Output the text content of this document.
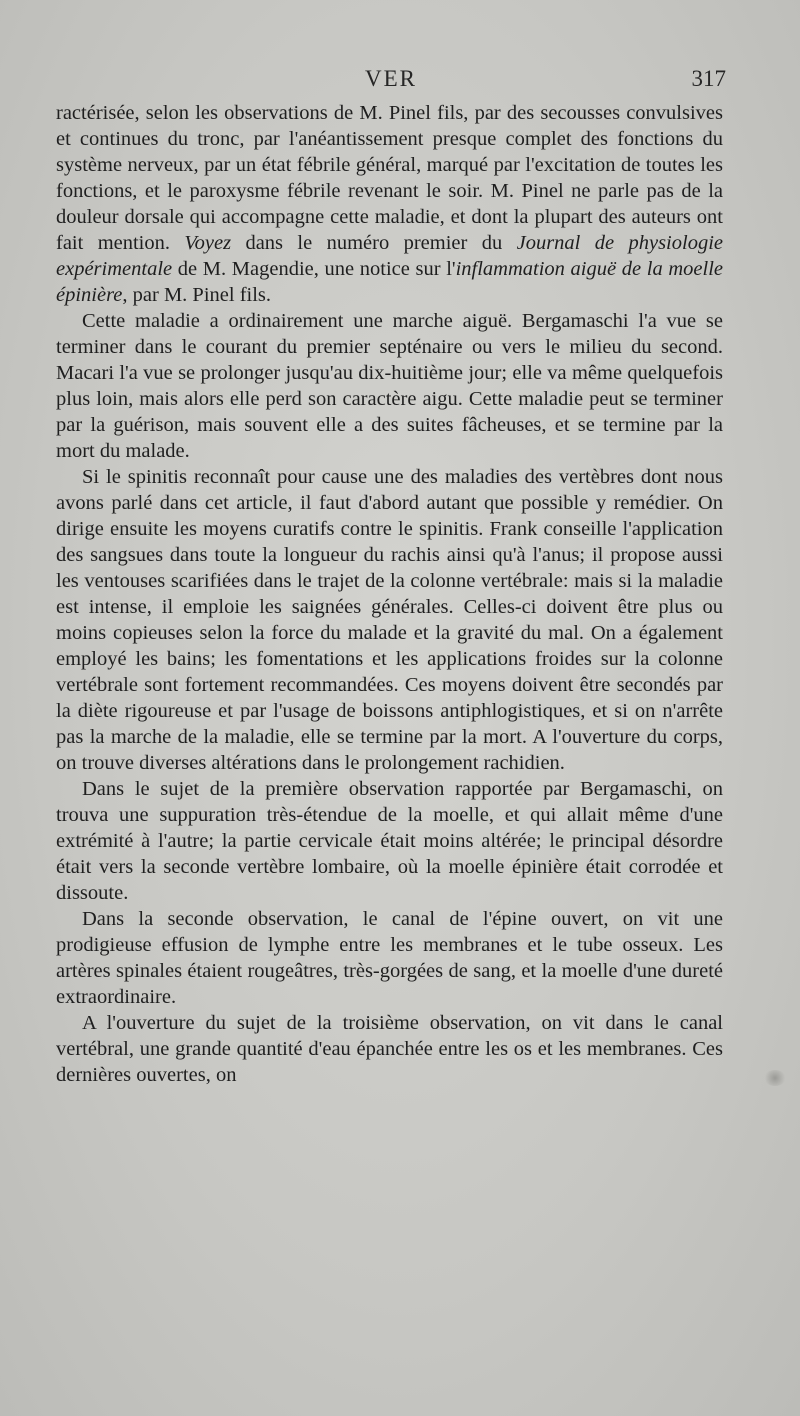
VER	317

ractérisée, selon les observations de M. Pinel fils, par des secousses convulsives et continues du tronc, par l'anéantissement presque complet des fonctions du système nerveux, par un état fébrile général, marqué par l'excitation de toutes les fonctions, et le paroxysme fébrile revenant le soir. M. Pinel ne parle pas de la douleur dorsale qui accompagne cette maladie, et dont la plupart des auteurs ont fait mention. Voyez dans le numéro premier du Journal de physiologie expérimentale de M. Magendie, une notice sur l'inflammation aiguë de la moelle épinière, par M. Pinel fils.

Cette maladie a ordinairement une marche aiguë. Bergamaschi l'a vue se terminer dans le courant du premier septénaire ou vers le milieu du second. Macari l'a vue se prolonger jusqu'au dix-huitième jour; elle va même quelquefois plus loin, mais alors elle perd son caractère aigu. Cette maladie peut se terminer par la guérison, mais souvent elle a des suites fâcheuses, et se termine par la mort du malade.

Si le spinitis reconnaît pour cause une des maladies des vertèbres dont nous avons parlé dans cet article, il faut d'abord autant que possible y remédier. On dirige ensuite les moyens curatifs contre le spinitis. Frank conseille l'application des sangsues dans toute la longueur du rachis ainsi qu'à l'anus; il propose aussi les ventouses scarifiées dans le trajet de la colonne vertébrale: mais si la maladie est intense, il emploie les saignées générales. Celles-ci doivent être plus ou moins copieuses selon la force du malade et la gravité du mal. On a également employé les bains; les fomentations et les applications froides sur la colonne vertébrale sont fortement recommandées. Ces moyens doivent être secondés par la diète rigoureuse et par l'usage de boissons antiphlogistiques, et si on n'arrête pas la marche de la maladie, elle se termine par la mort. A l'ouverture du corps, on trouve diverses altérations dans le prolongement rachidien.

Dans le sujet de la première observation rapportée par Bergamaschi, on trouva une suppuration très-étendue de la moelle, et qui allait même d'une extrémité à l'autre; la partie cervicale était moins altérée; le principal désordre était vers la seconde vertèbre lombaire, où la moelle épinière était corrodée et dissoute.

Dans la seconde observation, le canal de l'épine ouvert, on vit une prodigieuse effusion de lymphe entre les membranes et le tube osseux. Les artères spinales étaient rougeâtres, très-gorgées de sang, et la moelle d'une dureté extraordinaire.

A l'ouverture du sujet de la troisième observation, on vit dans le canal vertébral, une grande quantité d'eau épanchée entre les os et les membranes. Ces dernières ouvertes, on
